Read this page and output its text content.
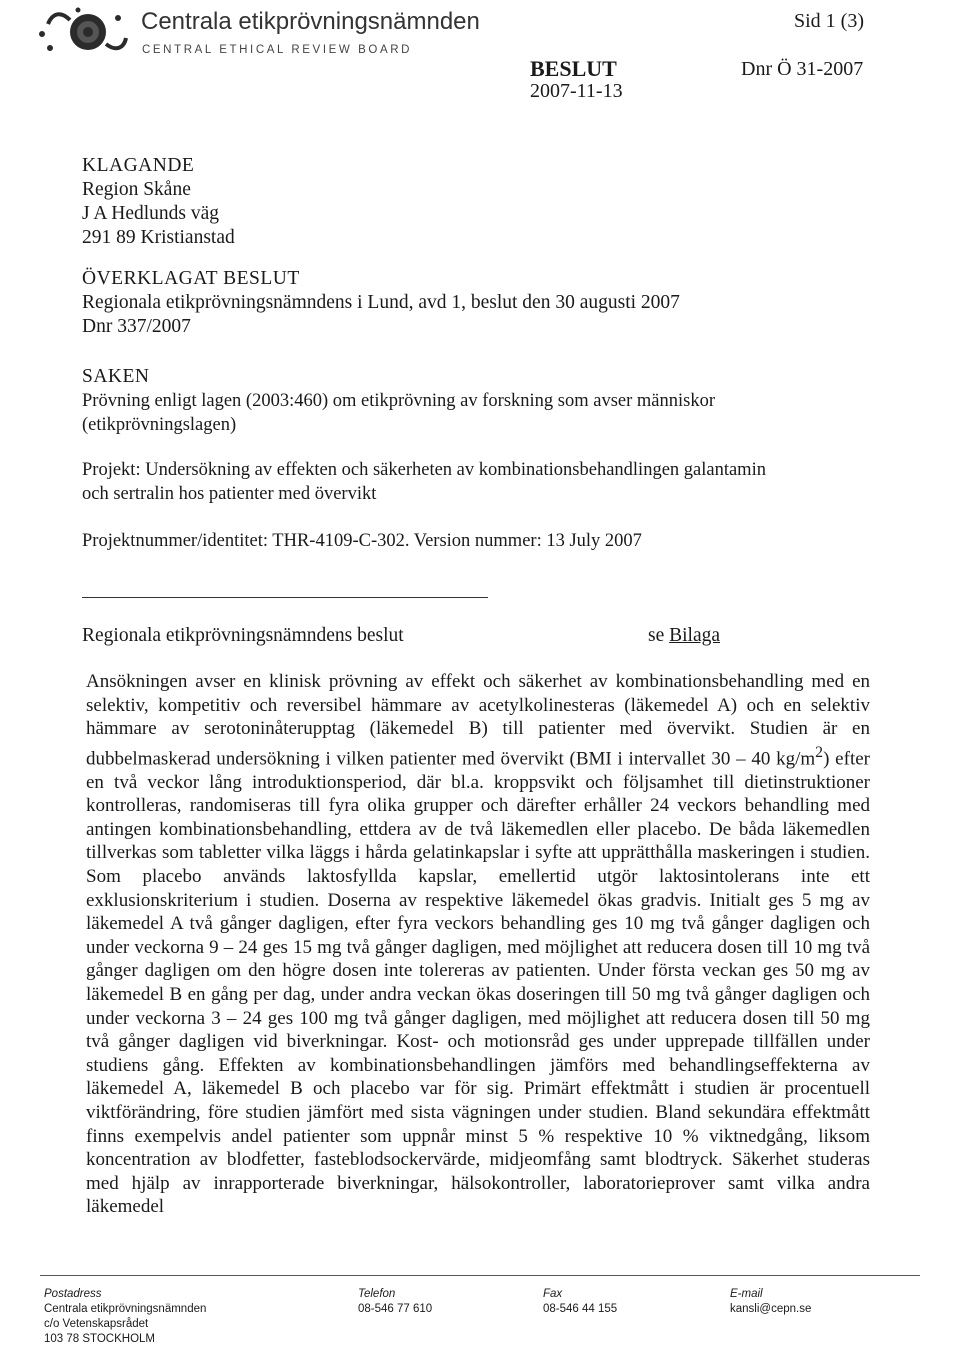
Centrala etikprövningsnämnden
CENTRAL ETHICAL REVIEW BOARD
Sid 1 (3)
BESLUT
2007-11-13
Dnr Ö 31-2007
KLAGANDE
Region Skåne
J A Hedlunds väg
291 89 Kristianstad
ÖVERKLAGAT BESLUT
Regionala etikprövningsnämndens i Lund, avd 1, beslut den 30 augusti 2007
Dnr 337/2007
SAKEN
Prövning enligt lagen (2003:460) om etikprövning av forskning som avser människor
(etikprövningslagen)
Projekt: Undersökning av effekten och säkerheten av kombinationsbehandlingen galantamin
och sertralin hos patienter med övervikt
Projektnummer/identitet: THR-4109-C-302. Version nummer: 13 July 2007
Regionala etikprövningsnämndens beslut	se Bilaga

Ansökningen avser en klinisk prövning av effekt och säkerhet av kombinationsbehandling med en selektiv, kompetitiv och reversibel hämmare av acetylkolinesteras (läkemedel A) och en selektiv hämmare av serotoninåterupptag (läkemedel B) till patienter med övervikt. Studien är en dubbelmaskerad undersökning i vilken patienter med övervikt (BMI i intervallet 30 – 40 $kg/m^2$) efter en två veckor lång introduktionsperiod, där bl.a. kroppsvikt och följsamhet till dietinstruktioner kontrolleras, randomiseras till fyra olika grupper och därefter erhåller 24 veckors behandling med antingen kombinationsbehandling, ettdera av de två läkemedlen eller placebo. De båda läkemedlen tillverkas som tabletter vilka läggs i hårda gelatinkapslar i syfte att upprätthålla maskeringen i studien. Som placebo används laktosfyllda kapslar, emellertid utgör laktosintolerans inte ett exklusionskriterium i studien. Doserna av respektive läkemedel ökas gradvis. Initialt ges 5 mg av läkemedel A två gånger dagligen, efter fyra veckors behandling ges 10 mg två gånger dagligen och under veckorna 9 – 24 ges 15 mg två gånger dagligen, med möjlighet att reducera dosen till 10 mg två gånger dagligen om den högre dosen inte tolereras av patienten. Under första veckan ges 50 mg av läkemedel B en gång per dag, under andra veckan ökas doseringen till 50 mg två gånger dagligen och under veckorna 3 – 24 ges 100 mg två gånger dagligen, med möjlighet att reducera dosen till 50 mg två gånger dagligen vid biverkningar. Kost- och motionsråd ges under upprepade tillfällen under studiens gång. Effekten av kombinationsbehandlingen jämförs med behandlingseffekterna av läkemedel A, läkemedel B och placebo var för sig. Primärt effektmått i studien är procentuell viktförändring, före studien jämfört med sista vägningen under studien. Bland sekundära effektmått finns exempelvis andel patienter som uppnår minst 5 % respektive 10 % viktnedgång, liksom koncentration av blodfetter, fasteblodsockervärde, midjeomfång samt blodtryck. Säkerhet studeras med hjälp av inrapporterade biverkningar, hälsokontroller, laboratorieprover samt vilka andra läkemedel

Postadress
Centrala etikprövningsnämnden
c/o Vetenskapsrådet
103 78 STOCKHOLM
Telefon
08-546 77 610
Fax
08-546 44 155
E-mail
kansli@cepn.se
